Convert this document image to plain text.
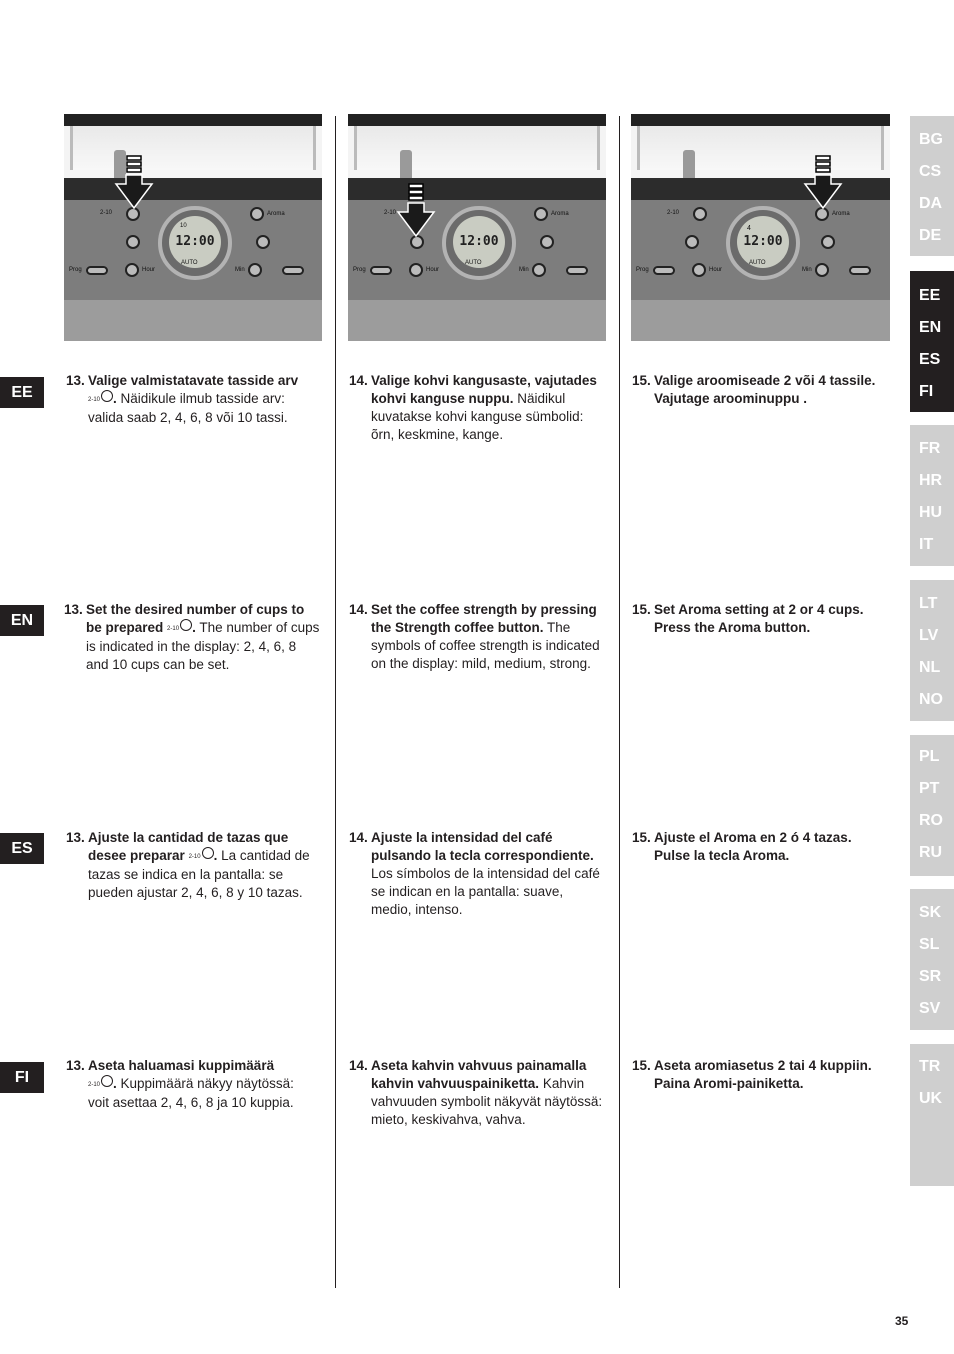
12:00
10
AUTO
2-10	Aroma
Prog	Hour	Min
12:00
AUTO
2-10	Aroma
Prog	Hour	Min
12:00
4
AUTO
2-10	Aroma
Prog	Hour	Min
EE
EN
ES
FI
13. Valige valmistatavate tasside arv
2-10 . Näidikule ilmub tasside arv: valida saab 2, 4, 6, 8 või 10 tassi.
14. Valige kohvi kangusaste, vajutades kohvi kanguse nuppu. Näidikul kuvatakse kohvi kanguse sümbolid: õrn, keskmine, kange.
15. Valige aroomiseade 2 või 4 tassile. Vajutage aroominuppu .
13. Set the desired number of cups to be prepared 2-10 . The number of cups is indicated in the display: 2, 4, 6, 8 and 10 cups can be set.
14. Set the coffee strength by pressing the Strength coffee button. The symbols of coffee strength is indicated on the display: mild, medium, strong.
15. Set Aroma setting at 2 or 4 cups. Press the Aroma button.
13. Ajuste la cantidad de tazas que desee preparar 2-10 . La cantidad de tazas se indica en la pantalla: se pueden ajustar 2, 4, 6, 8 y 10 tazas.
14. Ajuste la intensidad del café pulsando la tecla correspondiente. Los símbolos de la intensidad del café se indican en la pantalla: suave, medio, intenso.
15. Ajuste el Aroma en 2 ó 4 tazas. Pulse la tecla Aroma.
13. Aseta haluamasi kuppimäärä
2-10 . Kuppimäärä näkyy näytössä: voit asettaa 2, 4, 6, 8 ja 10 kuppia.
14. Aseta kahvin vahvuus painamalla kahvin vahvuuspainiketta. Kahvin vahvuuden symbolit näkyvät näytössä: mieto, keskivahva, vahva.
15. Aseta aromiasetus 2 tai 4 kuppiin. Paina Aromi-painiketta.
BG
CS
DA
DE
EE
EN
ES
FI
FR
HR
HU
IT
LT
LV
NL
NO
PL
PT
RO
RU
SK
SL
SR
SV
TR
UK
35
